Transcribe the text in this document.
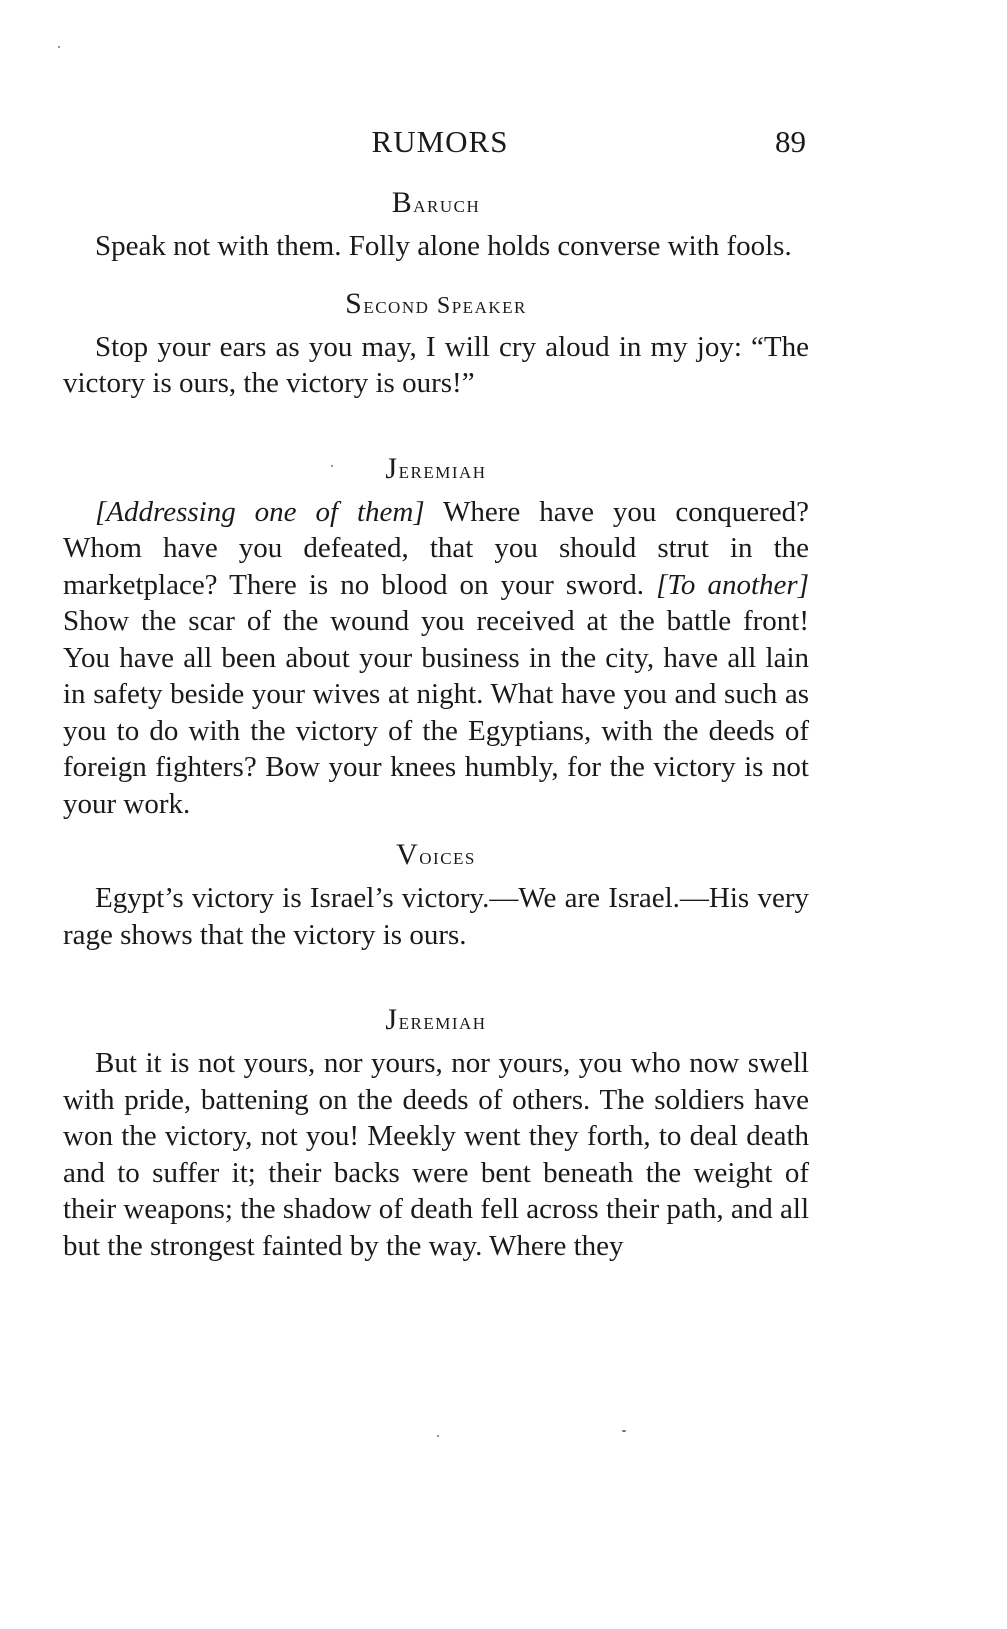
RUMORS	89
Baruch

Speak not with them. Folly alone holds converse with fools.

Second Speaker

Stop your ears as you may, I will cry aloud in my joy: “The victory is ours, the victory is ours!”

Jeremiah

[Addressing one of them] Where have you conquered? Whom have you defeated, that you should strut in the marketplace? There is no blood on your sword. [To another] Show the scar of the wound you received at the battle front! You have all been about your business in the city, have all lain in safety beside your wives at night. What have you and such as you to do with the victory of the Egyptians, with the deeds of foreign fighters? Bow your knees humbly, for the victory is not your work.

Voices

Egypt’s victory is Israel’s victory.—We are Israel.—His very rage shows that the victory is ours.

Jeremiah

But it is not yours, nor yours, nor yours, you who now swell with pride, battening on the deeds of others. The soldiers have won the victory, not you! Meekly went they forth, to deal death and to suffer it; their backs were bent beneath the weight of their weapons; the shadow of death fell across their path, and all but the strongest fainted by the way. Where they
